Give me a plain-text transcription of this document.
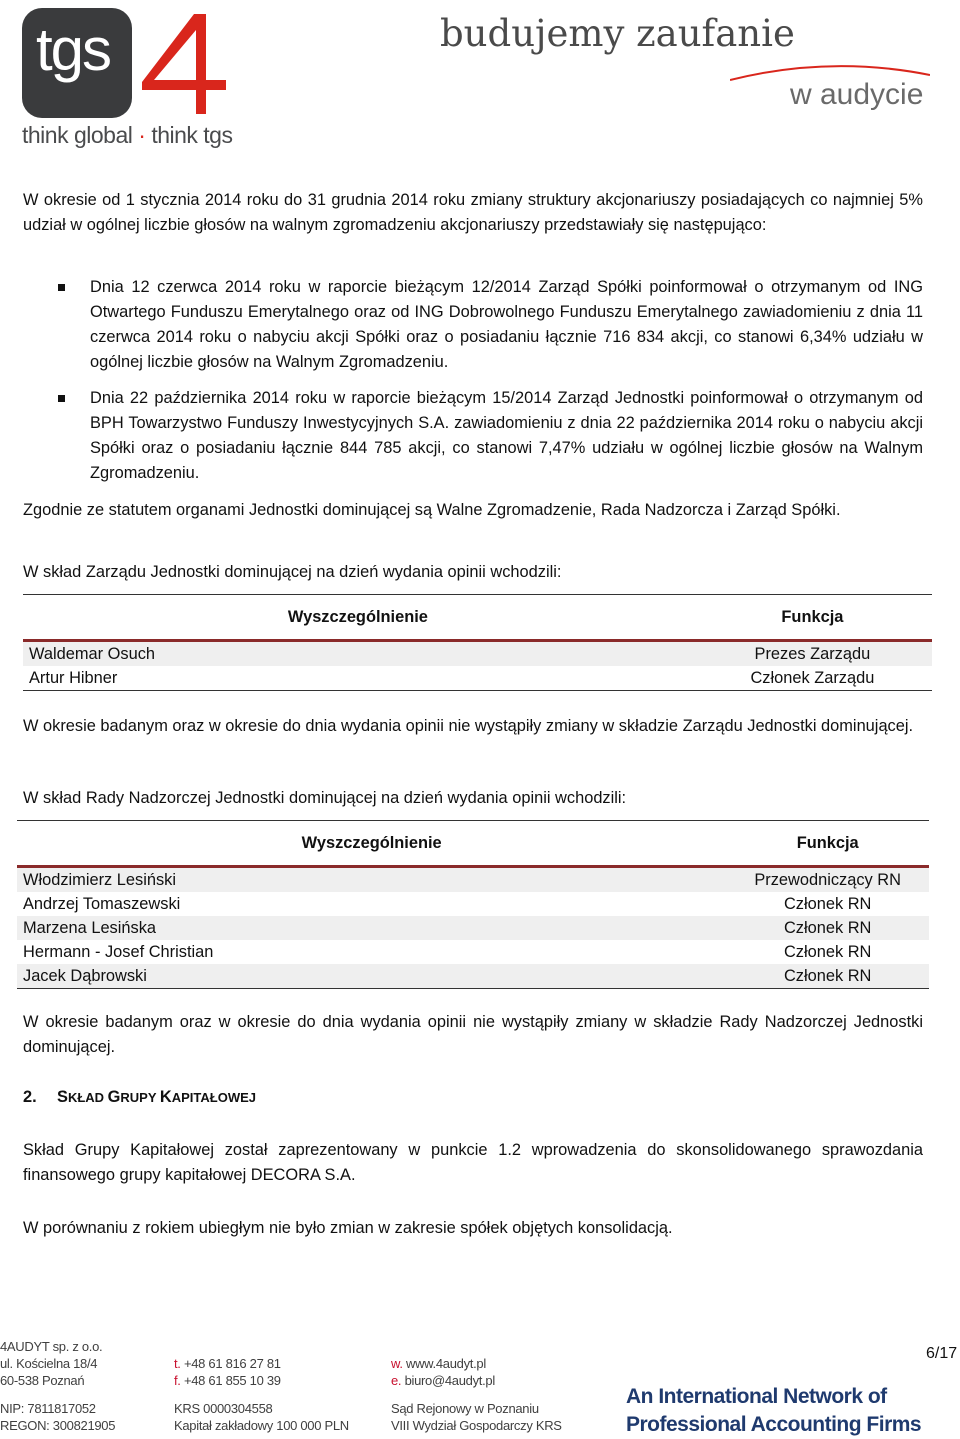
tgs
think global · think tgs
budujemy zaufanie
w audycie
W okresie od 1 stycznia 2014 roku do 31 grudnia 2014 roku zmiany struktury akcjonariuszy posiadających co najmniej 5% udział w ogólnej liczbie głosów na walnym zgromadzeniu akcjonariuszy przedstawiały się następująco:
Dnia 12 czerwca 2014 roku w raporcie bieżącym 12/2014 Zarząd Spółki poinformował o otrzymanym od ING Otwartego Funduszu Emerytalnego oraz od ING Dobrowolnego Funduszu Emerytalnego zawiadomieniu z dnia 11 czerwca 2014 roku o nabyciu akcji Spółki oraz o posiadaniu łącznie 716 834 akcji, co stanowi 6,34% udziału w ogólnej liczbie głosów na Walnym Zgromadzeniu.
Dnia 22 października 2014 roku w raporcie bieżącym 15/2014 Zarząd Jednostki poinformował o otrzymanym od BPH Towarzystwo Funduszy Inwestycyjnych S.A. zawiadomieniu z dnia 22 października 2014 roku o nabyciu akcji Spółki oraz o posiadaniu łącznie 844 785 akcji, co stanowi 7,47% udziału w ogólnej liczbie głosów na Walnym Zgromadzeniu.
Zgodnie ze statutem organami Jednostki dominującej są Walne Zgromadzenie, Rada Nadzorcza i Zarząd Spółki.
W skład Zarządu Jednostki dominującej na dzień wydania opinii wchodzili:
Wyszczególnienie	Funkcja
Waldemar Osuch	Prezes Zarządu
Artur Hibner	Członek Zarządu
W okresie badanym oraz w okresie do dnia wydania opinii nie wystąpiły zmiany w składzie Zarządu Jednostki dominującej.
W skład Rady Nadzorczej Jednostki dominującej na dzień wydania opinii wchodzili:
Wyszczególnienie	Funkcja
Włodzimierz Lesiński	Przewodniczący RN
Andrzej Tomaszewski	Członek RN
Marzena Lesińska	Członek RN
Hermann - Josef Christian	Członek RN
Jacek Dąbrowski	Członek RN
W okresie badanym oraz w okresie do dnia wydania opinii nie wystąpiły zmiany w składzie Rady Nadzorczej Jednostki dominującej.
2. SKŁAD GRUPY KAPITAŁOWEJ
Skład Grupy Kapitałowej został zaprezentowany w punkcie 1.2 wprowadzenia do skonsolidowanego sprawozdania finansowego grupy kapitałowej DECORA S.A.
W porównaniu z rokiem ubiegłym nie było zmian w zakresie spółek objętych konsolidacją.
4AUDYT sp. z o.o.
ul. Kościelna 18/4
60-538 Poznań
NIP: 7811817052
REGON: 300821905
t. +48 61 816 27 81
f. +48 61 855 10 39
KRS 0000304558
Kapitał zakładowy 100 000 PLN
w. www.4audyt.pl
e. biuro@4audyt.pl
Sąd Rejonowy w Poznaniu
VIII Wydział Gospodarczy KRS
An International Network of
Professional Accounting Firms
6/17
